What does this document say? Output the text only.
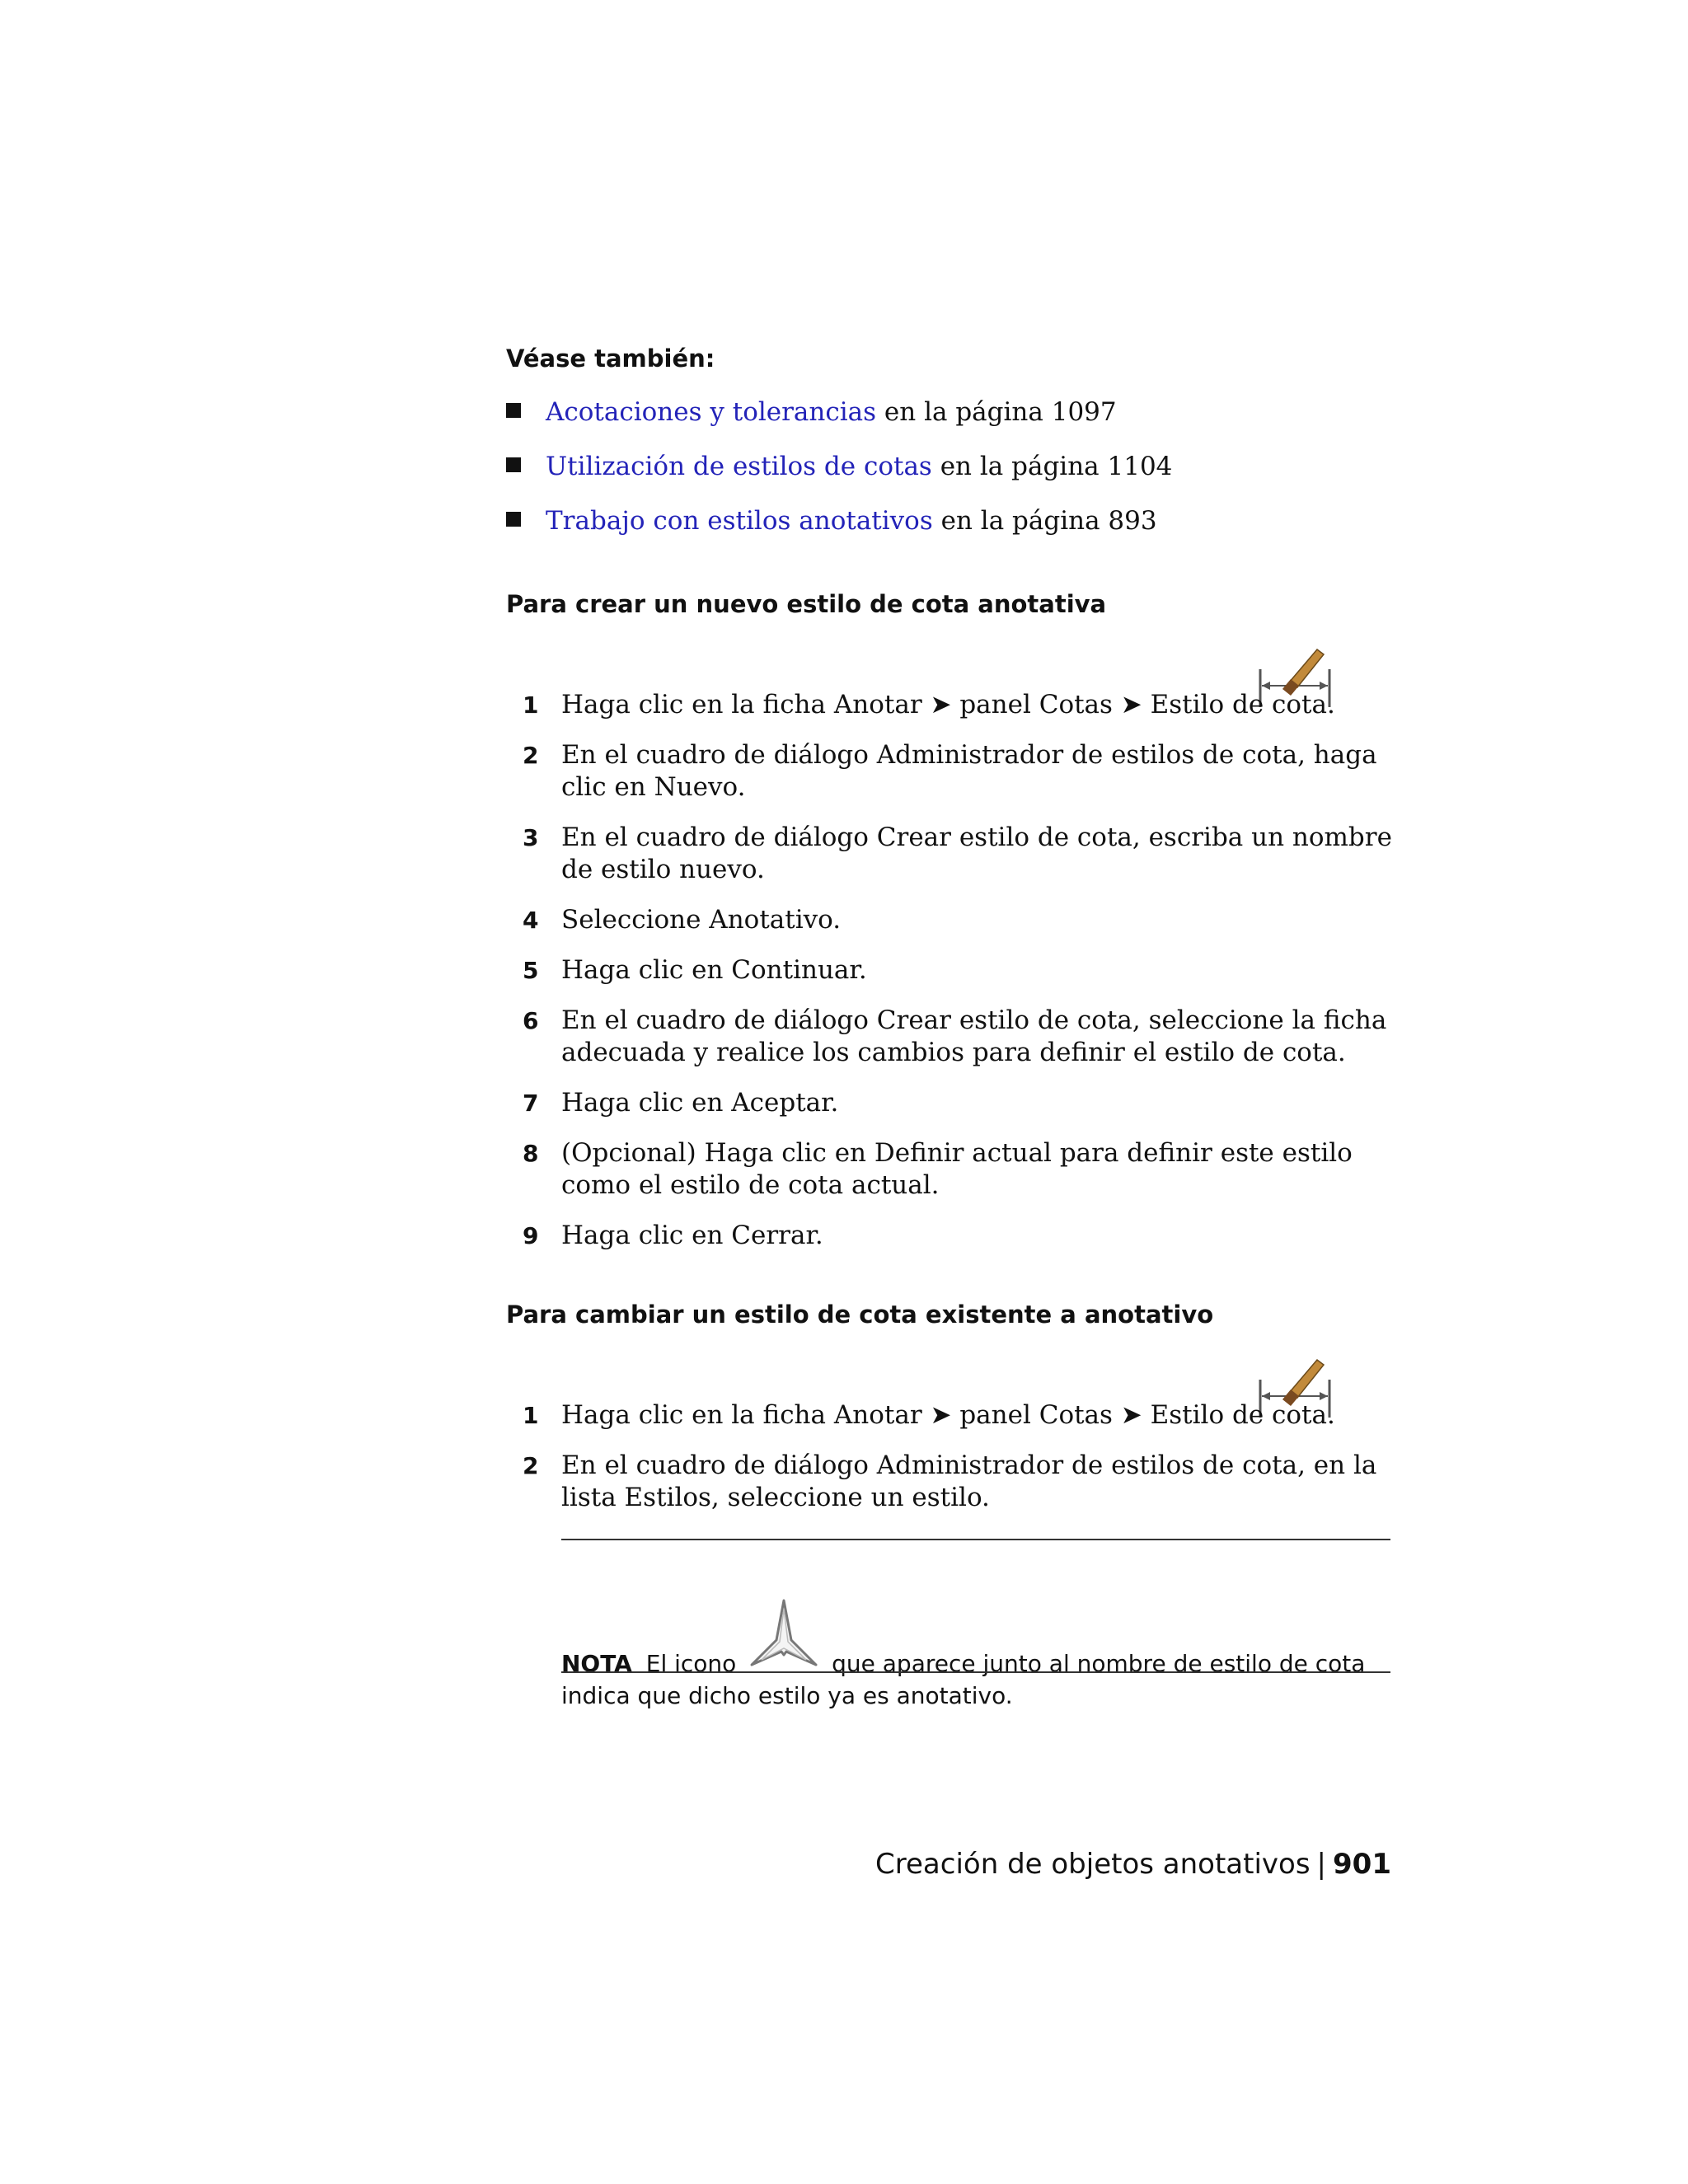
Véase también:
Acotaciones y tolerancias en la página 1097
Utilización de estilos de cotas en la página 1104
Trabajo con estilos anotativos en la página 893
Para crear un nuevo estilo de cota anotativa
1 Haga clic en la ficha Anotar ➤ panel Cotas ➤ Estilo de cota.
2 En el cuadro de diálogo Administrador de estilos de cota, haga clic en Nuevo.
3 En el cuadro de diálogo Crear estilo de cota, escriba un nombre de estilo nuevo.
4 Seleccione Anotativo.
5 Haga clic en Continuar.
6 En el cuadro de diálogo Crear estilo de cota, seleccione la ficha adecuada y realice los cambios para definir el estilo de cota.
7 Haga clic en Aceptar.
8 (Opcional) Haga clic en Definir actual para definir este estilo como el estilo de cota actual.
9 Haga clic en Cerrar.
Para cambiar un estilo de cota existente a anotativo
1 Haga clic en la ficha Anotar ➤ panel Cotas ➤ Estilo de cota.
2 En el cuadro de diálogo Administrador de estilos de cota, en la lista Estilos, seleccione un estilo.
NOTA El icono	que aparece junto al nombre de estilo de cota indica que dicho estilo ya es anotativo.
Creación de objetos anotativos | 901
